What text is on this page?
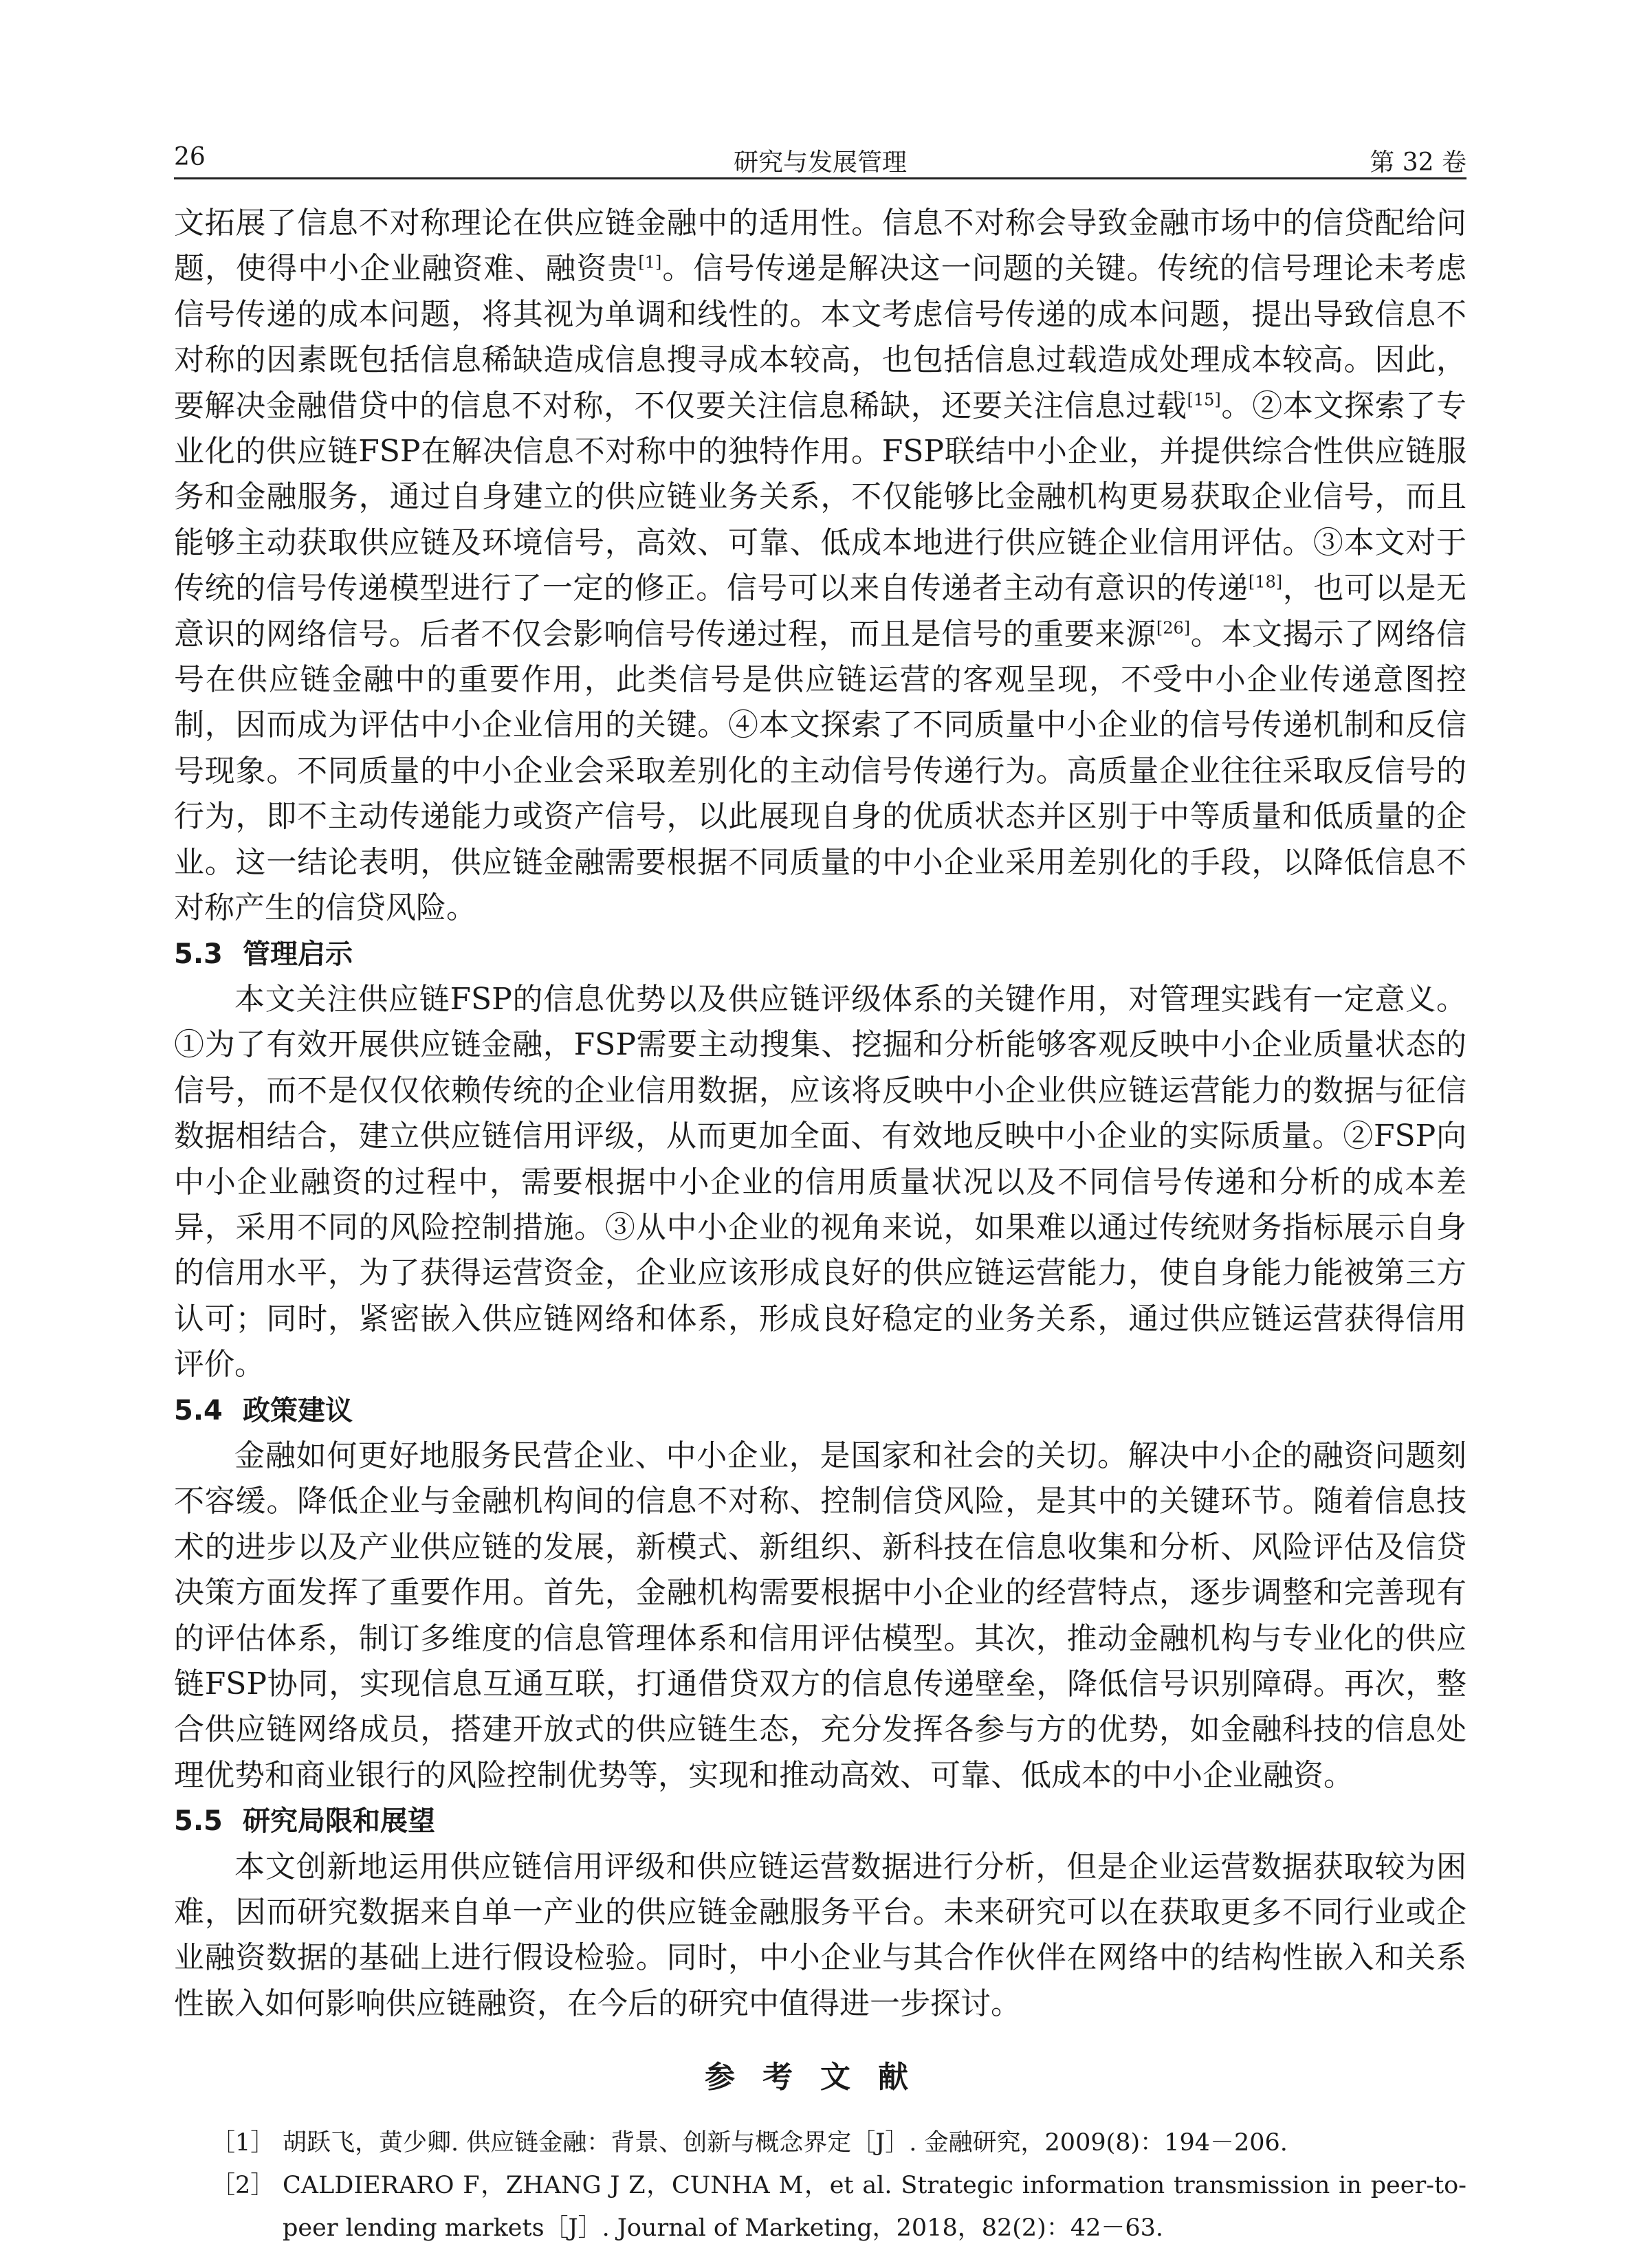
26	研究与发展管理	第 32 卷

文拓展了信息不对称理论在供应链金融中的适用性。信息不对称会导致金融市场中的信贷配给问题，使得中小企业融资难、融资贵[1]。信号传递是解决这一问题的关键。传统的信号理论未考虑信号传递的成本问题，将其视为单调和线性的。本文考虑信号传递的成本问题，提出导致信息不对称的因素既包括信息稀缺造成信息搜寻成本较高，也包括信息过载造成处理成本较高。因此，要解决金融借贷中的信息不对称，不仅要关注信息稀缺，还要关注信息过载[15]。②本文探索了专业化的供应链FSP在解决信息不对称中的独特作用。FSP联结中小企业，并提供综合性供应链服务和金融服务，通过自身建立的供应链业务关系，不仅能够比金融机构更易获取企业信号，而且能够主动获取供应链及环境信号，高效、可靠、低成本地进行供应链企业信用评估。③本文对于传统的信号传递模型进行了一定的修正。信号可以来自传递者主动有意识的传递[18]，也可以是无意识的网络信号。后者不仅会影响信号传递过程，而且是信号的重要来源[26]。本文揭示了网络信号在供应链金融中的重要作用，此类信号是供应链运营的客观呈现，不受中小企业传递意图控制，因而成为评估中小企业信用的关键。④本文探索了不同质量中小企业的信号传递机制和反信号现象。不同质量的中小企业会采取差别化的主动信号传递行为。高质量企业往往采取反信号的行为，即不主动传递能力或资产信号，以此展现自身的优质状态并区别于中等质量和低质量的企业。这一结论表明，供应链金融需要根据不同质量的中小企业采用差别化的手段，以降低信息不对称产生的信贷风险。

5.3 管理启示

本文关注供应链FSP的信息优势以及供应链评级体系的关键作用，对管理实践有一定意义。①为了有效开展供应链金融，FSP需要主动搜集、挖掘和分析能够客观反映中小企业质量状态的信号，而不是仅仅依赖传统的企业信用数据，应该将反映中小企业供应链运营能力的数据与征信数据相结合，建立供应链信用评级，从而更加全面、有效地反映中小企业的实际质量。②FSP向中小企业融资的过程中，需要根据中小企业的信用质量状况以及不同信号传递和分析的成本差异，采用不同的风险控制措施。③从中小企业的视角来说，如果难以通过传统财务指标展示自身的信用水平，为了获得运营资金，企业应该形成良好的供应链运营能力，使自身能力能被第三方认可；同时，紧密嵌入供应链网络和体系，形成良好稳定的业务关系，通过供应链运营获得信用评价。

5.4 政策建议

金融如何更好地服务民营企业、中小企业，是国家和社会的关切。解决中小企的融资问题刻不容缓。降低企业与金融机构间的信息不对称、控制信贷风险，是其中的关键环节。随着信息技术的进步以及产业供应链的发展，新模式、新组织、新科技在信息收集和分析、风险评估及信贷决策方面发挥了重要作用。首先，金融机构需要根据中小企业的经营特点，逐步调整和完善现有的评估体系，制订多维度的信息管理体系和信用评估模型。其次，推动金融机构与专业化的供应链FSP协同，实现信息互通互联，打通借贷双方的信息传递壁垒，降低信号识别障碍。再次，整合供应链网络成员，搭建开放式的供应链生态，充分发挥各参与方的优势，如金融科技的信息处理优势和商业银行的风险控制优势等，实现和推动高效、可靠、低成本的中小企业融资。

5.5 研究局限和展望

本文创新地运用供应链信用评级和供应链运营数据进行分析，但是企业运营数据获取较为困难，因而研究数据来自单一产业的供应链金融服务平台。未来研究可以在获取更多不同行业或企业融资数据的基础上进行假设检验。同时，中小企业与其合作伙伴在网络中的结构性嵌入和关系性嵌入如何影响供应链融资，在今后的研究中值得进一步探讨。

参考文献
［1］ 胡跃飞，黄少卿. 供应链金融：背景、创新与概念界定［J］. 金融研究，2009(8)：194－206.
［2］ CALDIERARO F，ZHANG J Z，CUNHA M，et al. Strategic information transmission in peer-to-peer lending markets［J］. Journal of Marketing，2018，82(2)：42－63.
